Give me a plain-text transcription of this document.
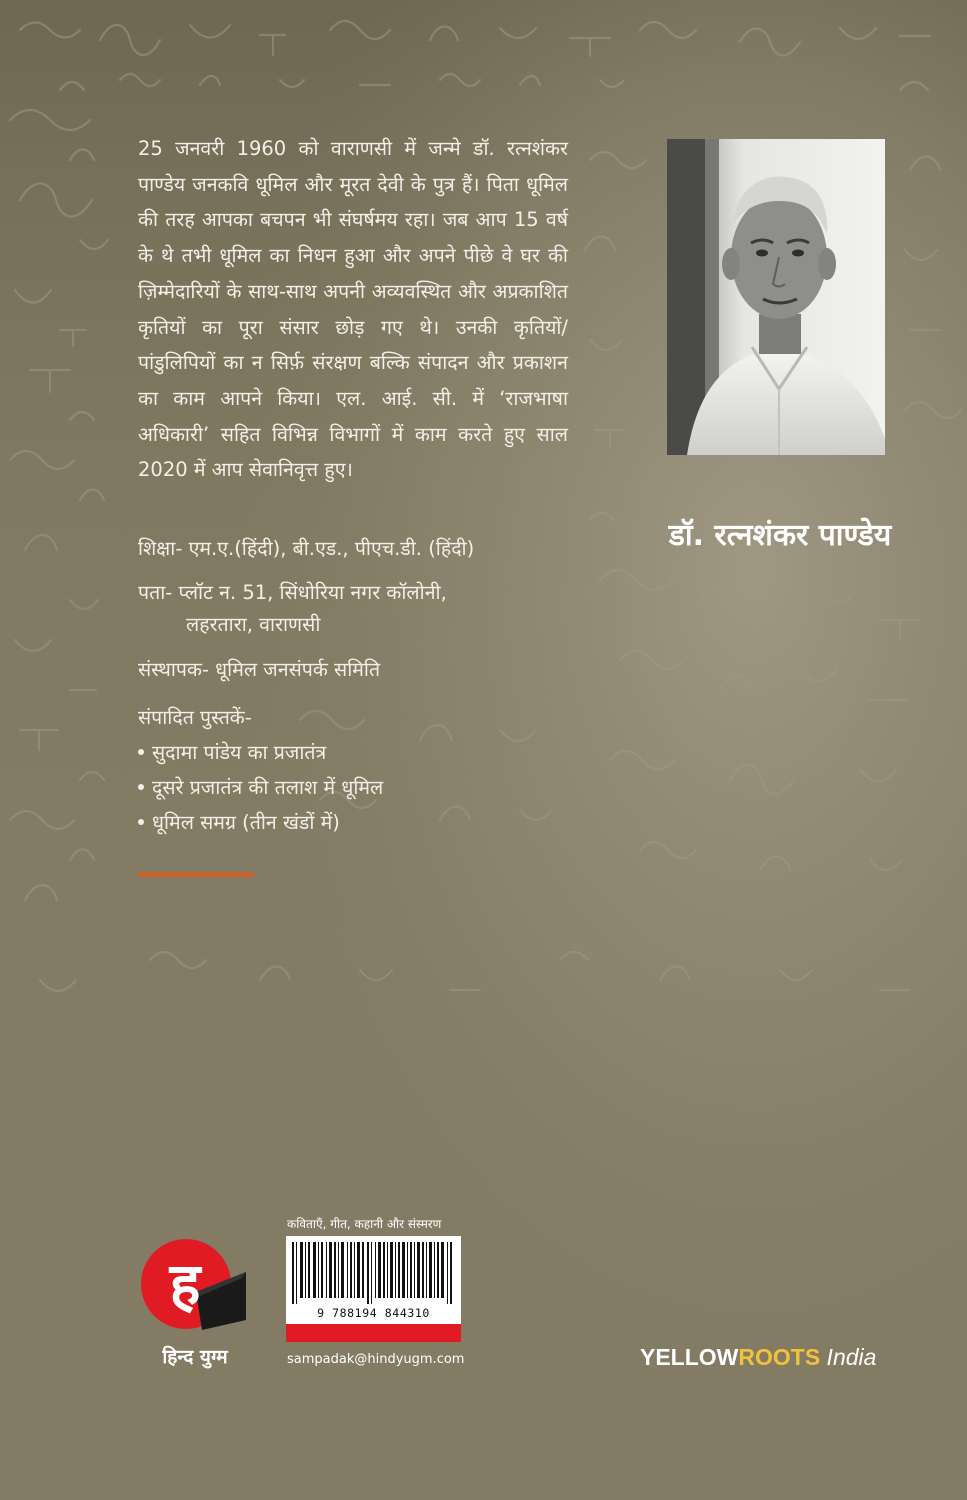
25 जनवरी 1960 को वाराणसी में जन्मे डॉ. रत्नशंकर पाण्डेय जनकवि धूमिल और मूरत देवी के पुत्र हैं। पिता धूमिल की तरह आपका बचपन भी संघर्षमय रहा। जब आप 15 वर्ष के थे तभी धूमिल का निधन हुआ और अपने पीछे वे घर की ज़िम्मेदारियों के साथ-साथ अपनी अव्यवस्थित और अप्रकाशित कृतियों का पूरा संसार छोड़ गए थे। उनकी कृतियों/ पांडुलिपियों का न सिर्फ़ संरक्षण बल्कि संपादन और प्रकाशन का काम आपने किया। एल. आई. सी. में ‘राजभाषा अधिकारी’ सहित विभिन्न विभागों में काम करते हुए साल 2020 में आप सेवानिवृत्त हुए।

शिक्षा- एम.ए.(हिंदी), बी.एड., पीएच.डी. (हिंदी)
पता- प्लॉट न. 51, सिंधोरिया नगर कॉलोनी,
लहरतारा, वाराणसी
संस्थापक- धूमिल जनसंपर्क समिति
संपादित पुस्तकें-
सुदामा पांडेय का प्रजातंत्र
दूसरे प्रजातंत्र की तलाश में धूमिल
धूमिल समग्र (तीन खंडों में)
डॉ. रत्नशंकर पाण्डेय
ह
हिन्द युग्म
कविताएँ, गीत, कहानी और संस्मरण
9 788194 844310
sampadak@hindyugm.com	YELLOWROOTS India
